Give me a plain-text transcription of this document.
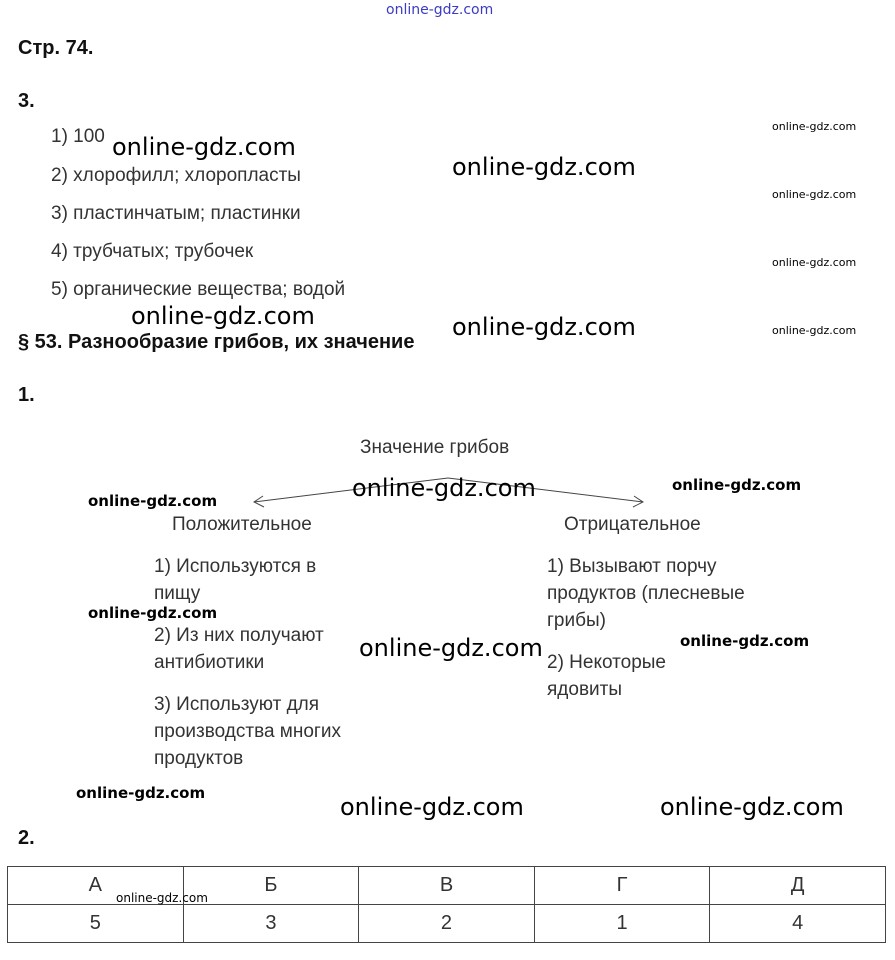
online-gdz.com
Стр. 74.
3.
1) 100
2) хлорофилл; хлоропласты
3) пластинчатым; пластинки
4) трубчатых; трубочек
5) органические вещества; водой
§ 53. Разнообразие грибов, их значение
1.
Значение грибов
Положительное	Отрицательное
1) Используются в пищу
2) Из них получают антибиотики
3) Используют для производства многих продуктов
1) Вызывают порчу продуктов (плесневые грибы)
2) Некоторые ядовиты
2.
А	Б	В	Г	Д
5	3	2	1	4
online-gdz.com
online-gdz.com
online-gdz.com	online-gdz.com
online-gdz.com
online-gdz.com
online-gdz.com	online-gdz.com
online-gdz.com
online-gdz.com
online-gdz.com
online-gdz.com
online-gdz.com
online-gdz.com
online-gdz.com
online-gdz.com
online-gdz.com
online-gdz.com
